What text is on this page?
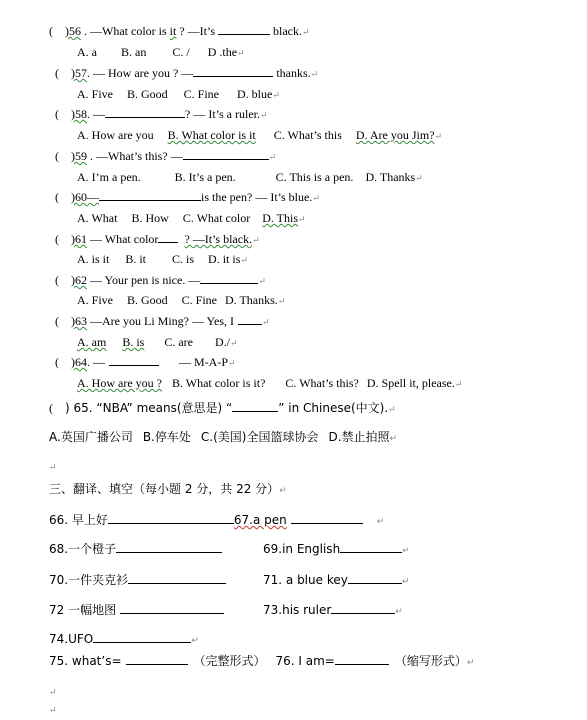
( )56 . —What color is it ? —It’s	black.↵
A. a B. an C. / D .the↵
( )57. — How are you ? —	thanks.↵
A. Five B. Good C. Fine D. blue↵
( )58. —	? — It’s a ruler.↵
A. How are you B. What color is it C. What’s this D. Are you Jim?↵
( )59 . —What’s this? —	↵
A. I’m a pen.	B. It’s a pen.	C. This is a pen. D. Thanks↵
( )60—	is the pen? — It’s blue.↵
A. What B. How C. What color D. This↵
( )61 — What color ? —It’s black.↵
A. is it B. it C. is D. it is↵
( )62 — Your pen is nice. —	↵
A. Five B. Good C. Fine D. Thanks.↵
( )63 —Are you Li Ming? — Yes, I	↵
A. am B. is C. are D./↵
( )64. —	— M-A-P↵
A. How are you ? B. What color is it? C. What’s this? D. Spell it, please.↵
( ) 65. “NBA” means(意思是) “	” in Chinese(中文).↵
A.英国广播公司 B.停车处 C.(美国)全国篮球协会 D.禁止拍照↵
↵
三、翻译、填空（每小题 2 分，共 22 分）↵
66. 早上好	67.a pen	↵
68.一个橙子	69.in English	↵
70.一件夹克衫	71. a blue key	↵
72 一幅地图	73.his ruler	↵
74.UFO	↵
75. what’s=	（完整形式） 76. I am=	（缩写形式）↵
↵
↵
